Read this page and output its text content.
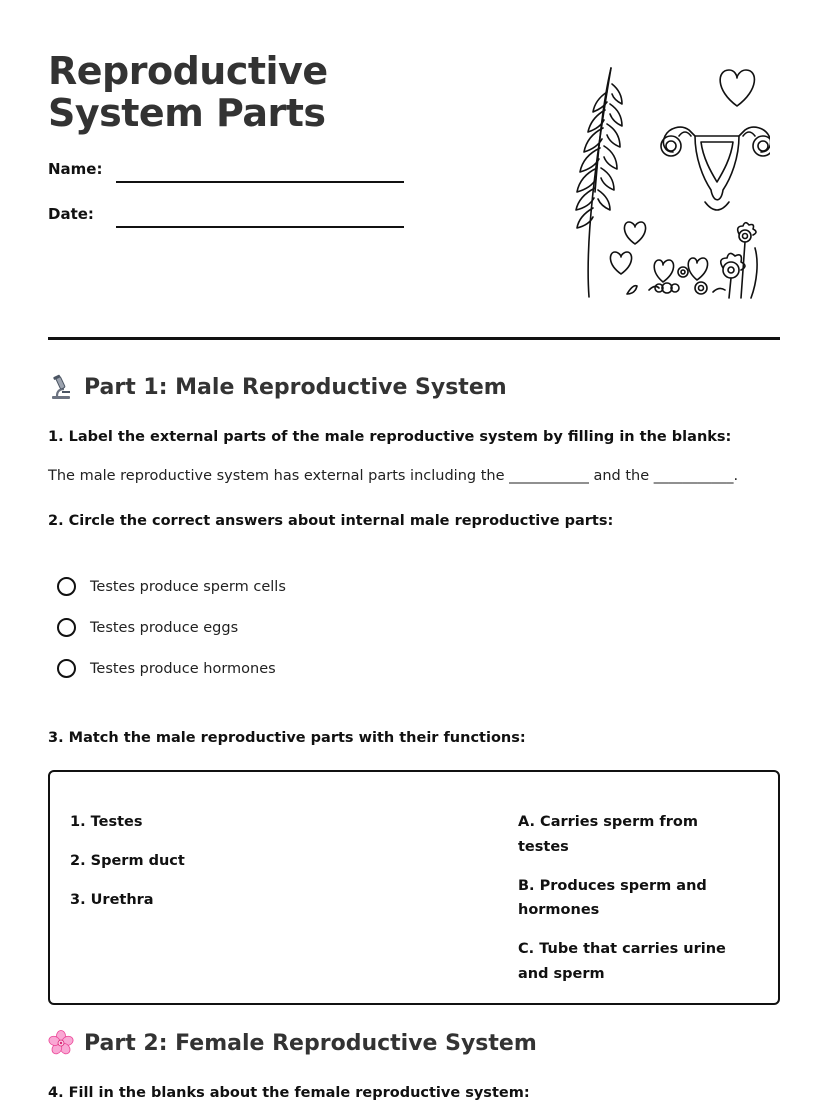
Reproductive System Parts
Name:
Date:
Part 1: Male Reproductive System
1. Label the external parts of the male reproductive system by filling in the blanks:
The male reproductive system has external parts including the ___________ and the ___________.
2. Circle the correct answers about internal male reproductive parts:
Testes produce sperm cells
Testes produce eggs
Testes produce hormones
3. Match the male reproductive parts with their functions:
1. Testes
2. Sperm duct
3. Urethra
A. Carries sperm from testes
B. Produces sperm and hormones
C. Tube that carries urine and sperm
Part 2: Female Reproductive System
4. Fill in the blanks about the female reproductive system:
